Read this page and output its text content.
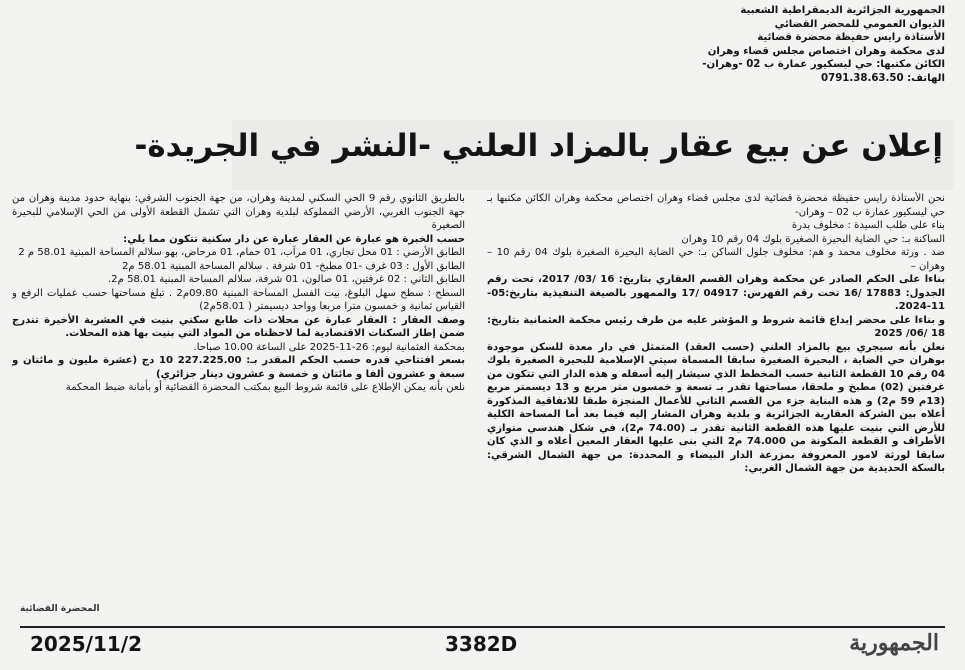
الجمهورية الجزائرية الديمقراطية الشعبية
الديوان العمومي للمحضر القضائي
الأستاذة رايس حفيظة محضرة قضائية
لدى محكمة وهران اختصاص مجلس قضاء وهران
الكائن مكتبها: حي ليسكيور عمارة ب 02 -وهران-
الهاتف: 0791.38.63.50
إعلان عن بيع عقار بالمزاد العلني -النشر في الجريدة-

نحن الأستاذة رايس حفيظة محضرة قضائية لدى مجلس قضاء وهران اختصاص محكمة وهران الكائن مكتبها بـ حي ليسكيور عمارة ب 02 – وهران-

بناء على طلب السيدة : مخلوف بدرة

الساكنة بـ: حي الضاية البحيرة الصغيرة بلوك 04 رقم 10 وهران

ضد . ورثة مخلوف محمد و هم: مخلوف جلول الساكن بـ: حي الضاية البحيرة الصغيرة بلوك 04 رقم 10 – وهران –

بناءا على الحكم الصادر عن محكمة وهران القسم العقاري بتاريخ: 16 /03/ 2017، تحت رقم الجدول: 17883 /16 تحت رقم الفهرس: 04917 /17 والممهور بالصيغة التنفيذية بتاريخ:05-11-2024.

و بناءا على محضر إيداع قائمة شروط و المؤشر عليه من طرف رئيس محكمة العثمانية بتاريخ: 18 /06/ 2025

نعلن بأنه سيجري بيع بالمزاد العلني (حسب العقد) المتمثل في دار معدة للسكن موجودة بوهران حي الضاية ، البحيرة الصغيرة سابقا المسماة سيتي الإسلامية للبحيرة الصغيرة بلوك 04 رقم 10 القطعة الثانية حسب المخطط الذي سيشار إليه أسفله و هذه الدار التي تتكون من غرفتين (02) مطبخ و ملحقا، مساحتها تقدر بـ تسعة و خمسون متر مربع و 13 ديسمتر مربع (13م 59 م2) و هذه البناية جزء من القسم الثاني للأعمال المنجزة طبقا للاتفاقية المذكورة أعلاه بين الشركة العقارية الجزائرية و بلدية وهران المشار إليه فيما بعد أما المساحة الكلية للأرض التي بنيت عليها هذه القطعة الثانية تقدر بـ (74.00 م2)، في شكل هندسي متوازي الأطراف و القطعة المكونة من 74.000 م2 التي بنى عليها العقار المعين أعلاه و الذي كان سابقا لورثة لامور المعروفة بمزرعة الدار البيضاء و المحددة: من جهة الشمال الشرقي: بالسكة الحديدية من جهة الشمال الغربي:

بالطريق الثانوي رقم 9 الحي السكني لمدينة وهران، من جهة الجنوب الشرقي: بنهاية حدود مدينة وهران من جهة الجنوب الغربي، الأرضي المملوكة لبلدية وهران التي تشمل القطعة الأولى من الحي الإسلامي للبحيرة الصغيرة

حسب الخبرة هو عبارة عن العقار عبارة عن دار سكنية تتكون مما يلي:

الطابق الأرضي : 01 محل تجاري، 01 مرآب، 01 حمام، 01 مرحاض، بهو سلالم المساحة المبنية 58.01 م 2

الطابق الأول : 03 غرف -01 مطبخ- 01 شرفة . سلالم المساحة المبنية 58.01 م2

الطابق الثاني : 02 غرفتين، 01 صالون، 01 شرفة، سلالم المساحة المبنية 58.01 م2.

السطح : سطح سهل البلوغ، بيت الفسل المساحة المبنية 09.80م2 . تبلغ مساحتها حسب عمليات الرفع و القياس ثمانية و خمسون مترا مربعا وواحد ديسيمتر ( 58.01م2)

وصف العقار : العقار عبارة عن محلات ذات طابع سكني بنيت في العشرية الأخيرة تندرج ضمن إطار السكنات الاقتصادية لما لاحظناه من المواد التي بنيت بها هذه المحلات.

بمحكمة العثمانية ليوم: 26-11-2025 على الساعة 10.00 صباحا.

بسعر افتتاحي قدره حسب الحكم المقدر بـ: 227.225.00 10 دج (عشرة مليون و مائتان و سبعة و عشرون ألفا و مائتان و خمسة و عشرون دينار جزائري)

نلعن بأنه يمكن الإطلاع على قائمة شروط البيع بمكتب المحضرة القضائية أو بأمانة ضبط المحكمة

المحضرة القضائية
2025/11/2	3382D	الجمهورية
